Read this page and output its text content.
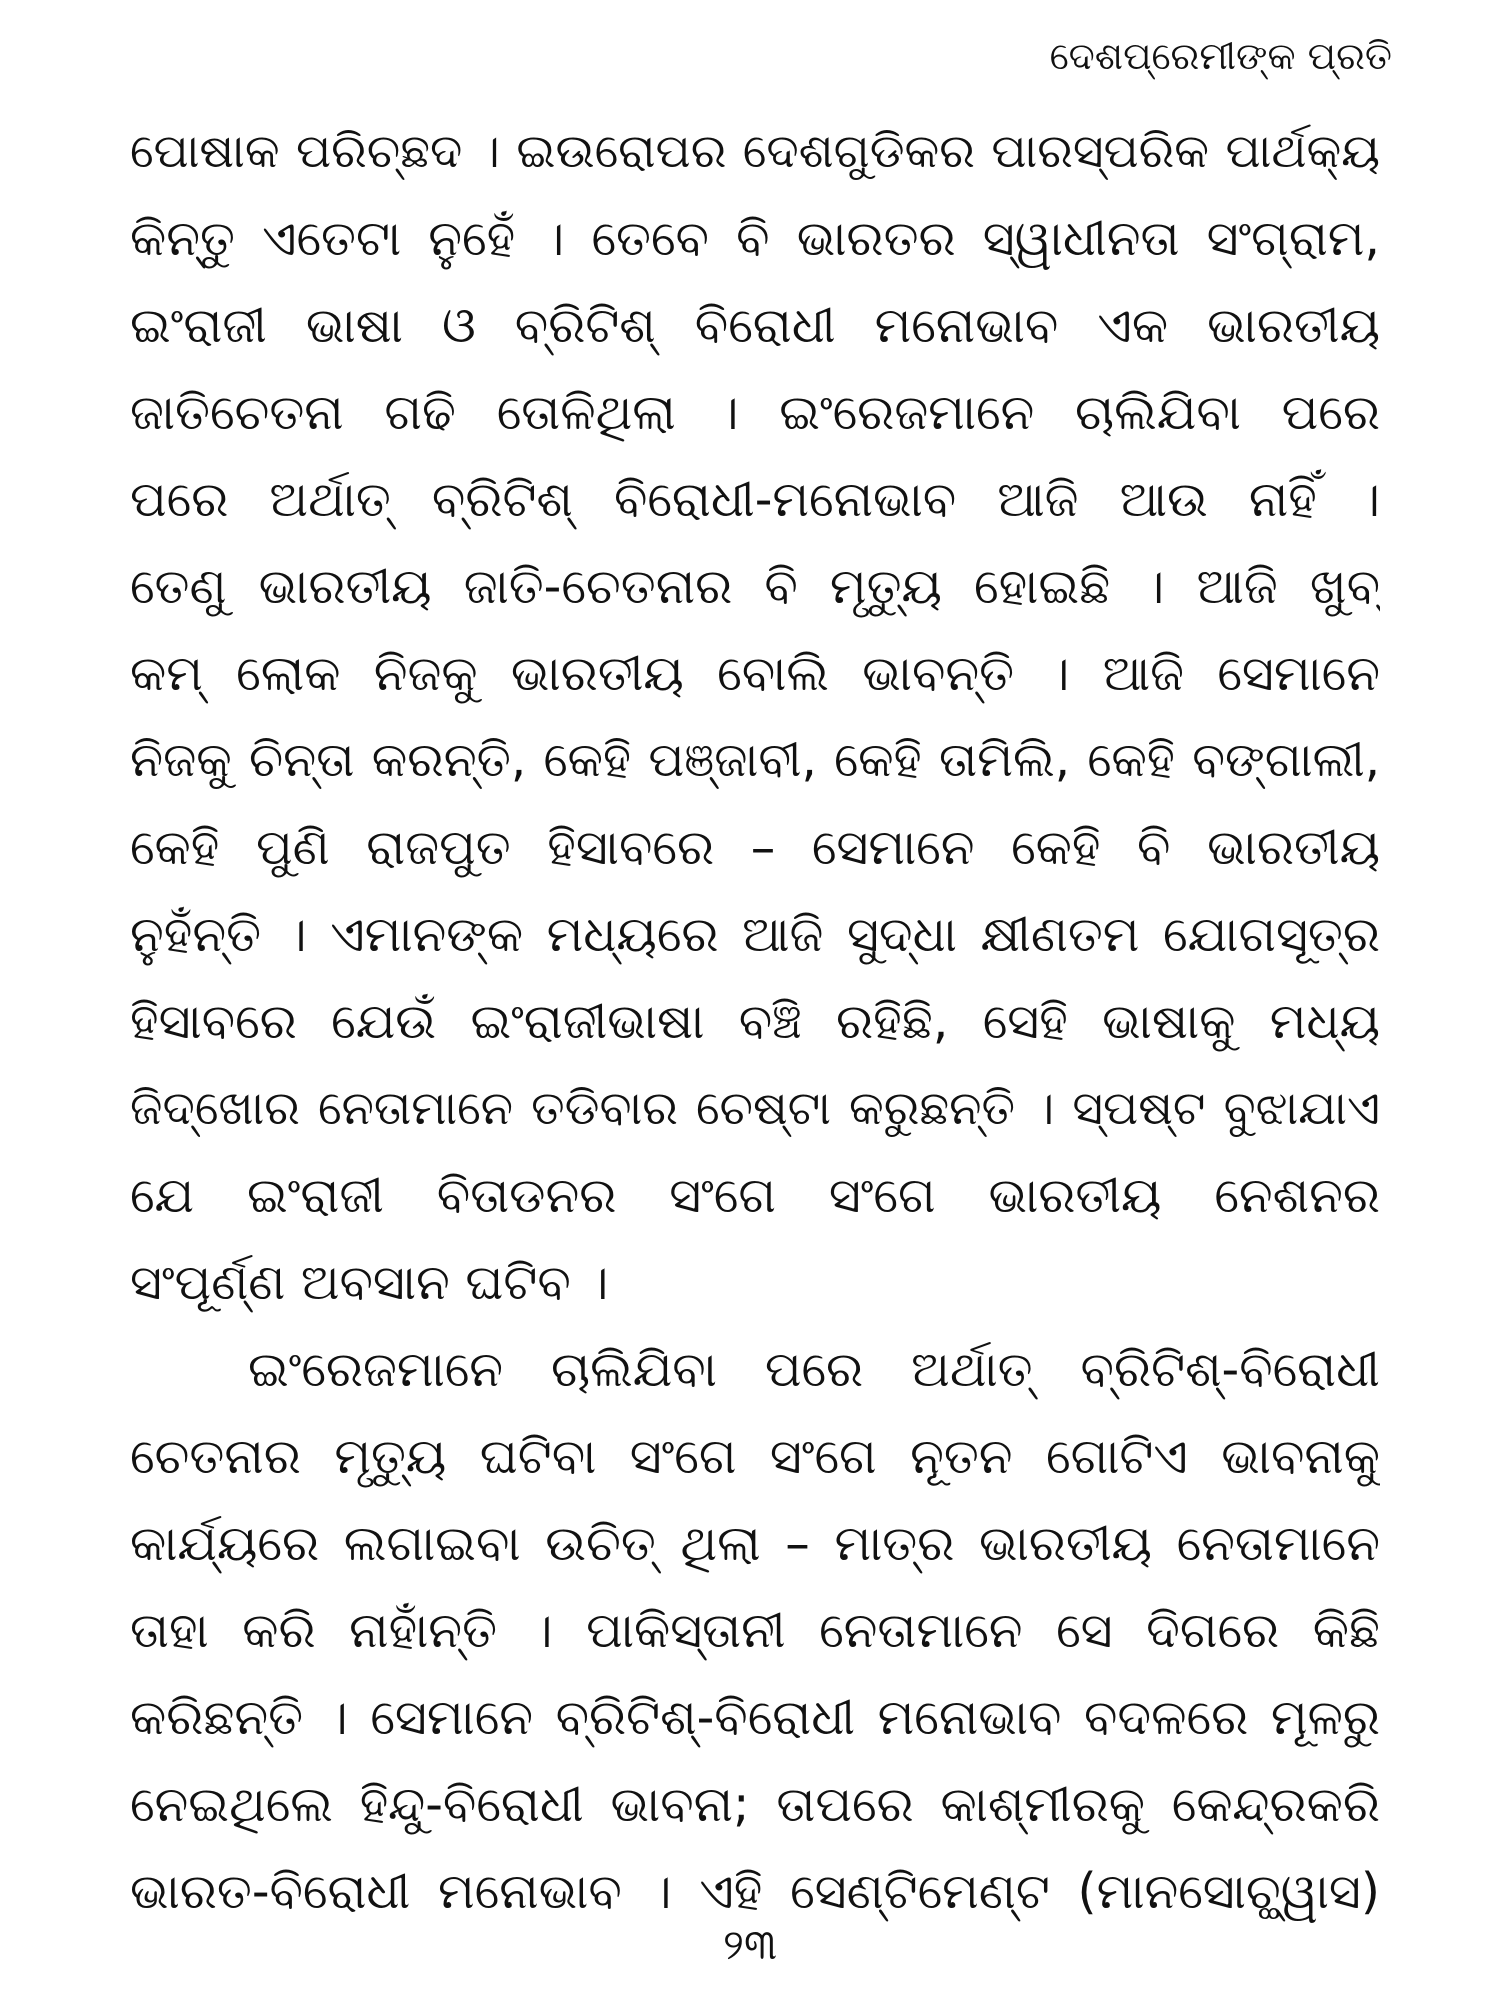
ଦେଶପ୍ରେମୀଙ୍କ ପ୍ରତି
ପୋଷାକ ପରିଚ୍ଛଦ । ଇଉରୋପର ଦେଶଗୁଡିକର ପାରସ୍ପରିକ ପାର୍ଥକ୍ୟ
କିନ୍ତୁ ଏତେଟା ନୁହେଁ । ତେବେ ବି ଭାରତର ସ୍ୱାଧୀନତା ସଂଗ୍ରାମ,
ଇଂରାଜୀ ଭାଷା ଓ ବ୍ରିଟିଶ୍ ବିରୋଧୀ ମନୋଭାବ ଏକ ଭାରତୀୟ
ଜାତିଚେତନା ଗଢି ତୋଳିଥିଲା । ଇଂରେଜମାନେ ଚାଲିଯିବା ପରେ
ପରେ ଅର୍ଥାତ୍ ବ୍ରିଟିଶ୍ ବିରୋଧୀ-ମନୋଭାବ ଆଜି ଆଉ ନାହିଁ ।
ତେଣୁ ଭାରତୀୟ ଜାତି-ଚେତନାର ବି ମୃତ୍ୟୁ ହୋଇଛି । ଆଜି ଖୁବ୍
କମ୍ ଲୋକ ନିଜକୁ ଭାରତୀୟ ବୋଲି ଭାବନ୍ତି । ଆଜି ସେମାନେ
ନିଜକୁ ଚିନ୍ତା କରନ୍ତି, କେହି ପଞ୍ଜାବୀ, କେହି ତାମିଲି, କେହି ବଙ୍ଗାଲୀ,
କେହି ପୁଣି ରାଜପୁତ ହିସାବରେ – ସେମାନେ କେହି ବି ଭାରତୀୟ
ନୁହଁନ୍ତି । ଏମାନଙ୍କ ମଧ୍ୟରେ ଆଜି ସୁଦ୍ଧା କ୍ଷୀଣତମ ଯୋଗସୂତ୍ର
ହିସାବରେ ଯେଉଁ ଇଂରାଜୀଭାଷା ବଞ୍ଚି ରହିଛି, ସେହି ଭାଷାକୁ ମଧ୍ୟ
ଜିଦ୍‌ଖୋର ନେତାମାନେ ତଡିବାର ଚେଷ୍ଟା କରୁଛନ୍ତି । ସ୍ପଷ୍ଟ ବୁଝାଯାଏ
ଯେ ଇଂରାଜୀ ବିତାଡନର ସଂଗେ ସଂଗେ ଭାରତୀୟ ନେଶନର
ସଂପୂର୍ଣ୍ଣ ଅବସାନ ଘଟିବ ।
ଇଂରେଜମାନେ ଚାଲିଯିବା ପରେ ଅର୍ଥାତ୍ ବ୍ରିଟିଶ୍-ବିରୋଧୀ
ଚେତନାର ମୃତ୍ୟୁ ଘଟିବା ସଂଗେ ସଂଗେ ନୂତନ ଗୋଟିଏ ଭାବନାକୁ
କାର୍ଯ୍ୟରେ ଲଗାଇବା ଉଚିତ୍ ଥିଲା – ମାତ୍ର ଭାରତୀୟ ନେତାମାନେ
ତାହା କରି ନାହାଁନ୍ତି । ପାକିସ୍ତାନୀ ନେତାମାନେ ସେ ଦିଗରେ କିଛି
କରିଛନ୍ତି । ସେମାନେ ବ୍ରିଟିଶ୍-ବିରୋଧୀ ମନୋଭାବ ବଦଳରେ ମୂଳରୁ
ନେଇଥିଲେ ହିନ୍ଦୁ-ବିରୋଧୀ ଭାବନା; ତାପରେ କାଶ୍ମୀରକୁ କେନ୍ଦ୍ରକରି
ଭାରତ-ବିରୋଧୀ ମନୋଭାବ । ଏହି ସେଣ୍ଟିମେଣ୍ଟ (ମାନସୋଚ୍ଛ୍ୱାସ)
୨୩
